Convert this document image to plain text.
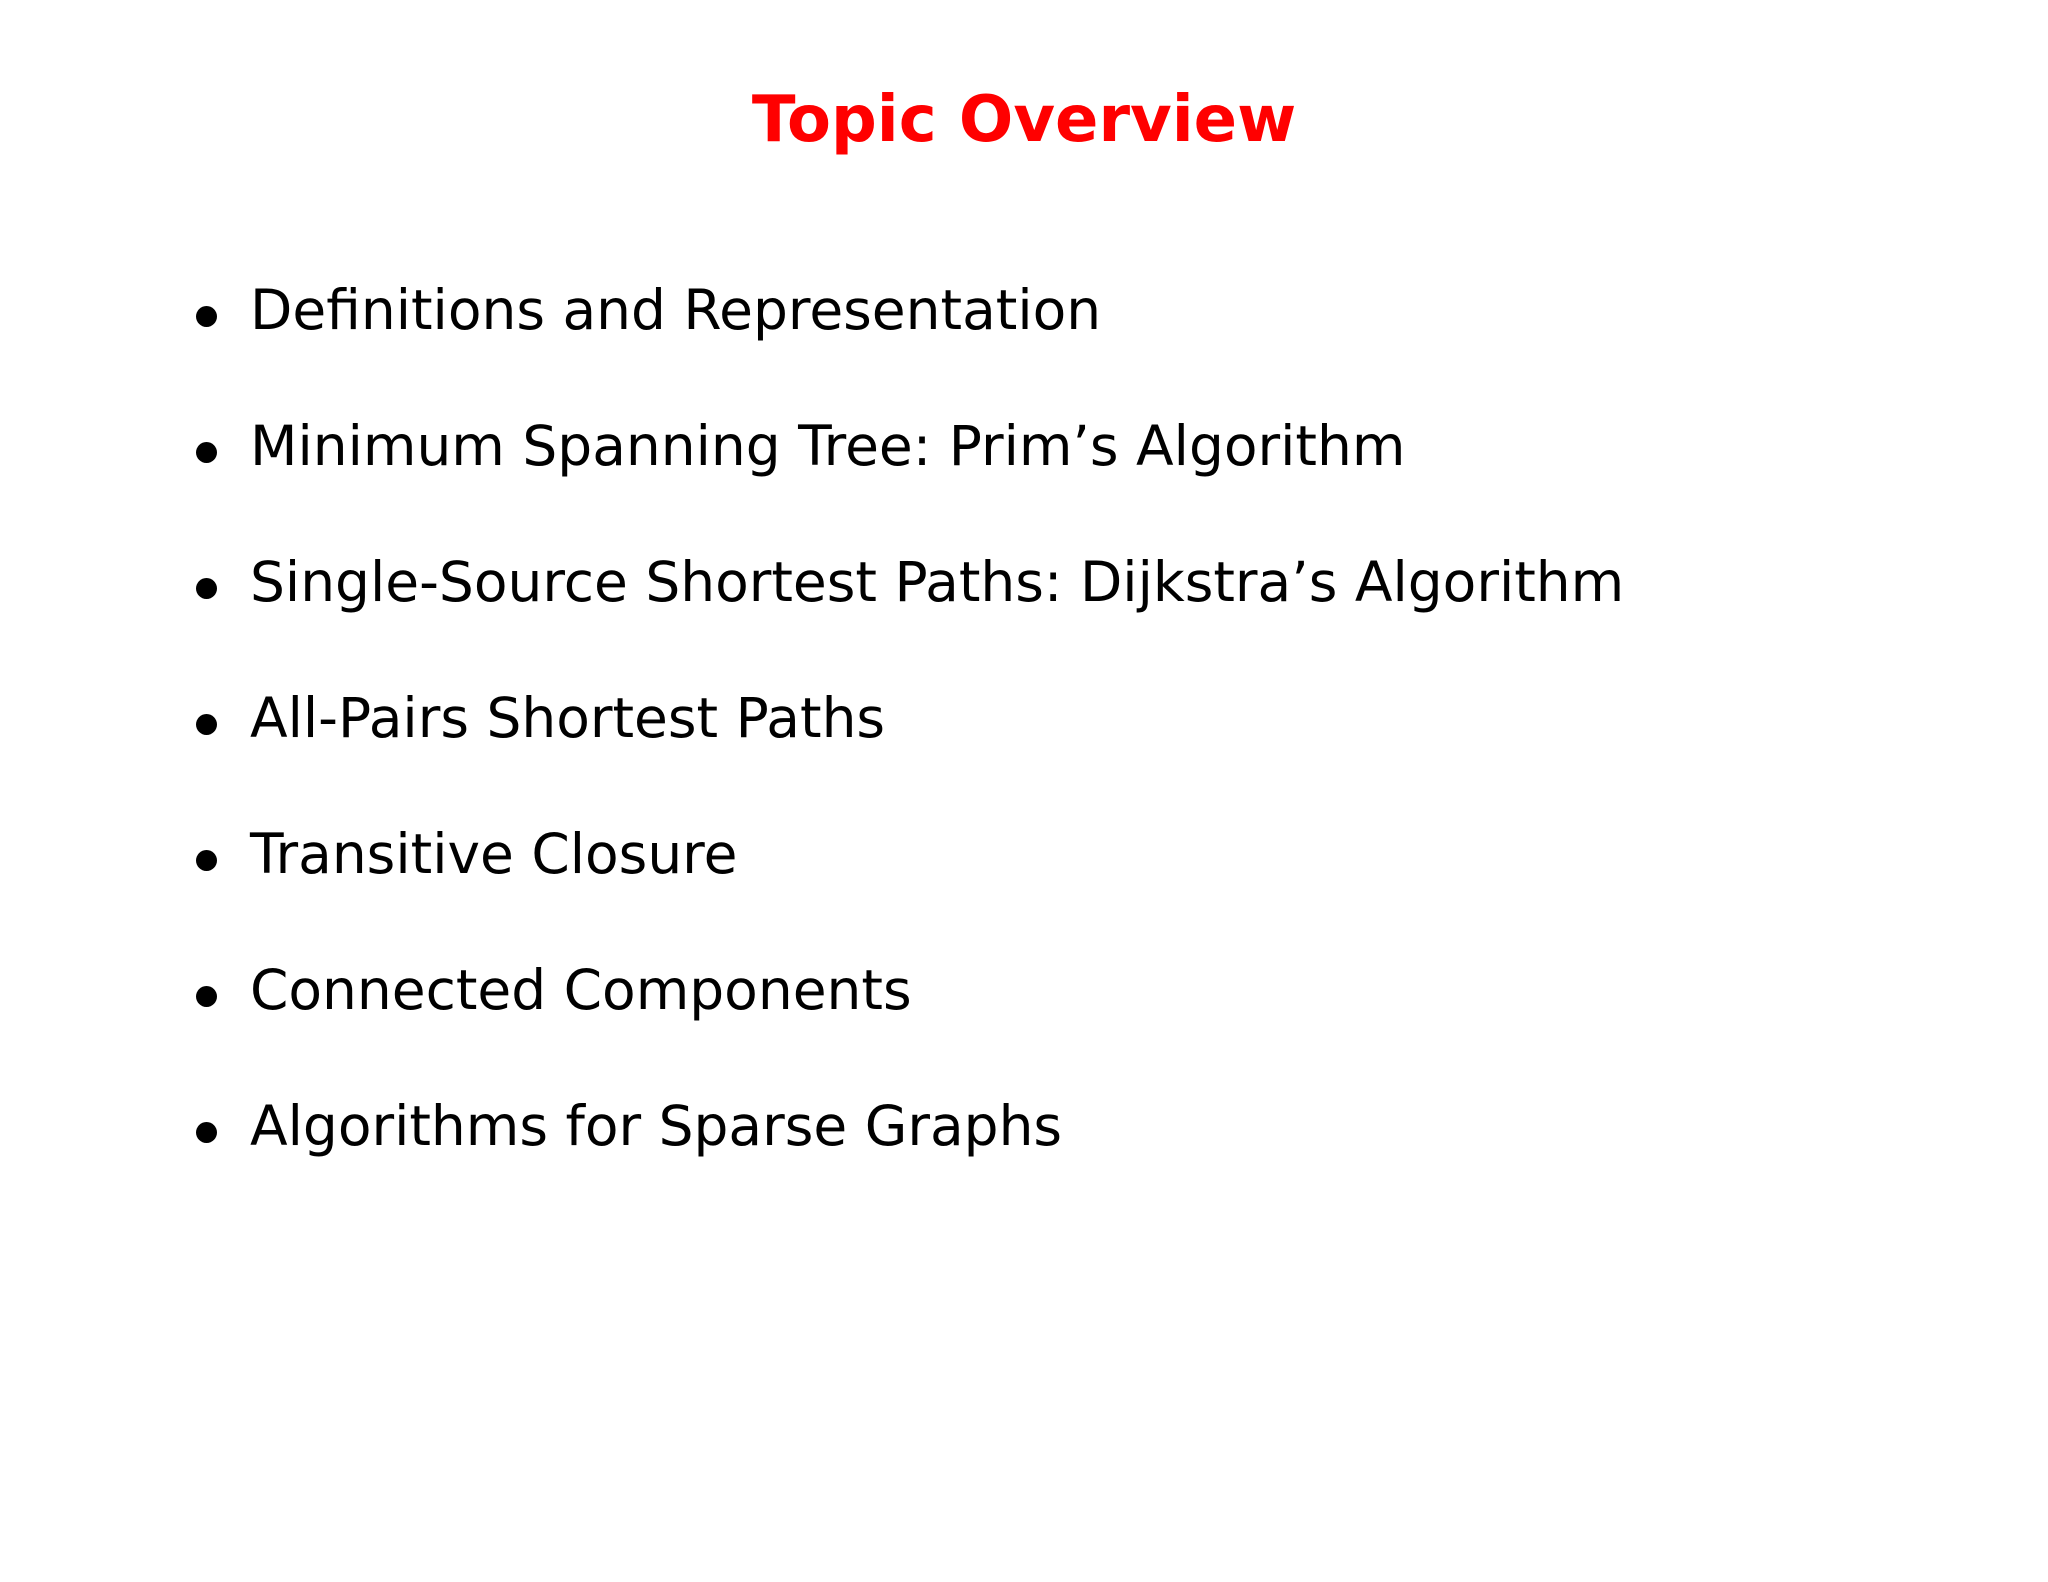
Topic Overview
Definitions and Representation
Minimum Spanning Tree: Prim’s Algorithm
Single-Source Shortest Paths: Dijkstra’s Algorithm
All-Pairs Shortest Paths
Transitive Closure
Connected Components
Algorithms for Sparse Graphs
